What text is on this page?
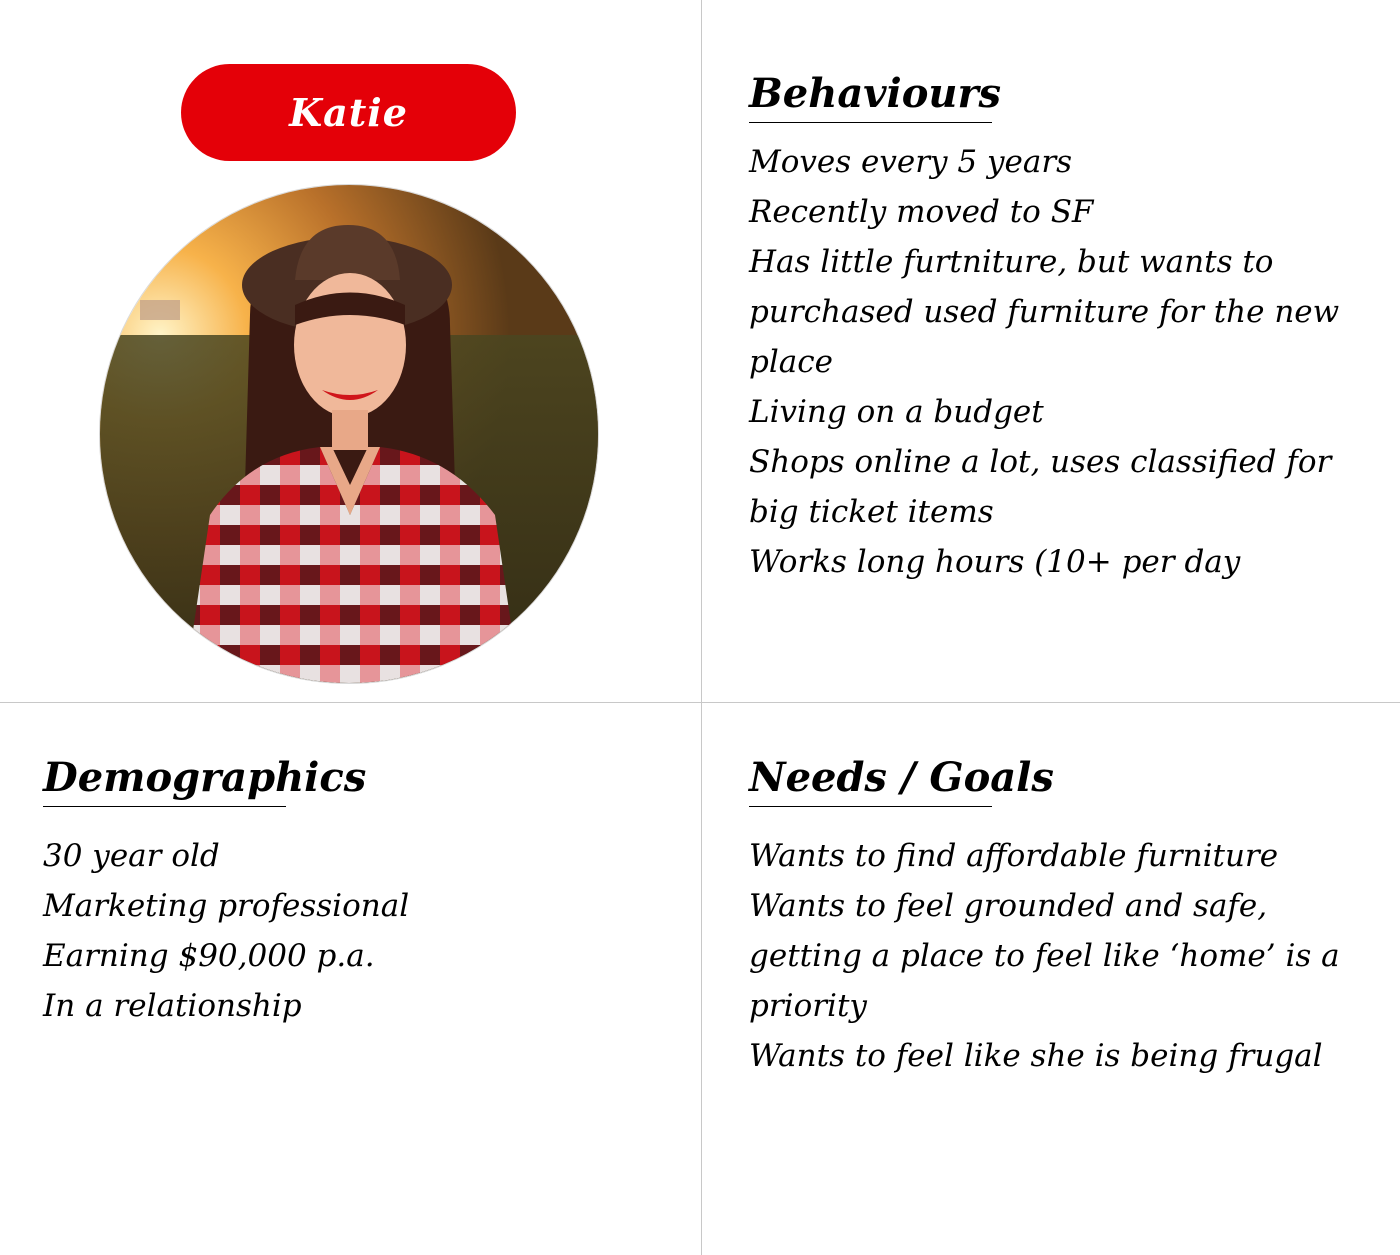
Katie	Behaviours
Moves every 5 years
Recently moved to SF
Has little furtniture, but wants to purchased used furniture for the new place
Living on a budget
Shops online a lot, uses classified for big ticket items
Works long hours (10+ per day
Demographics
30 year old
Marketing professional
Earning $90,000 p.a.
In a relationship
Needs / Goals
Wants to find affordable furniture
Wants to feel grounded and safe, getting a place to feel like ‘home’ is a priority
Wants to feel like she is being frugal
